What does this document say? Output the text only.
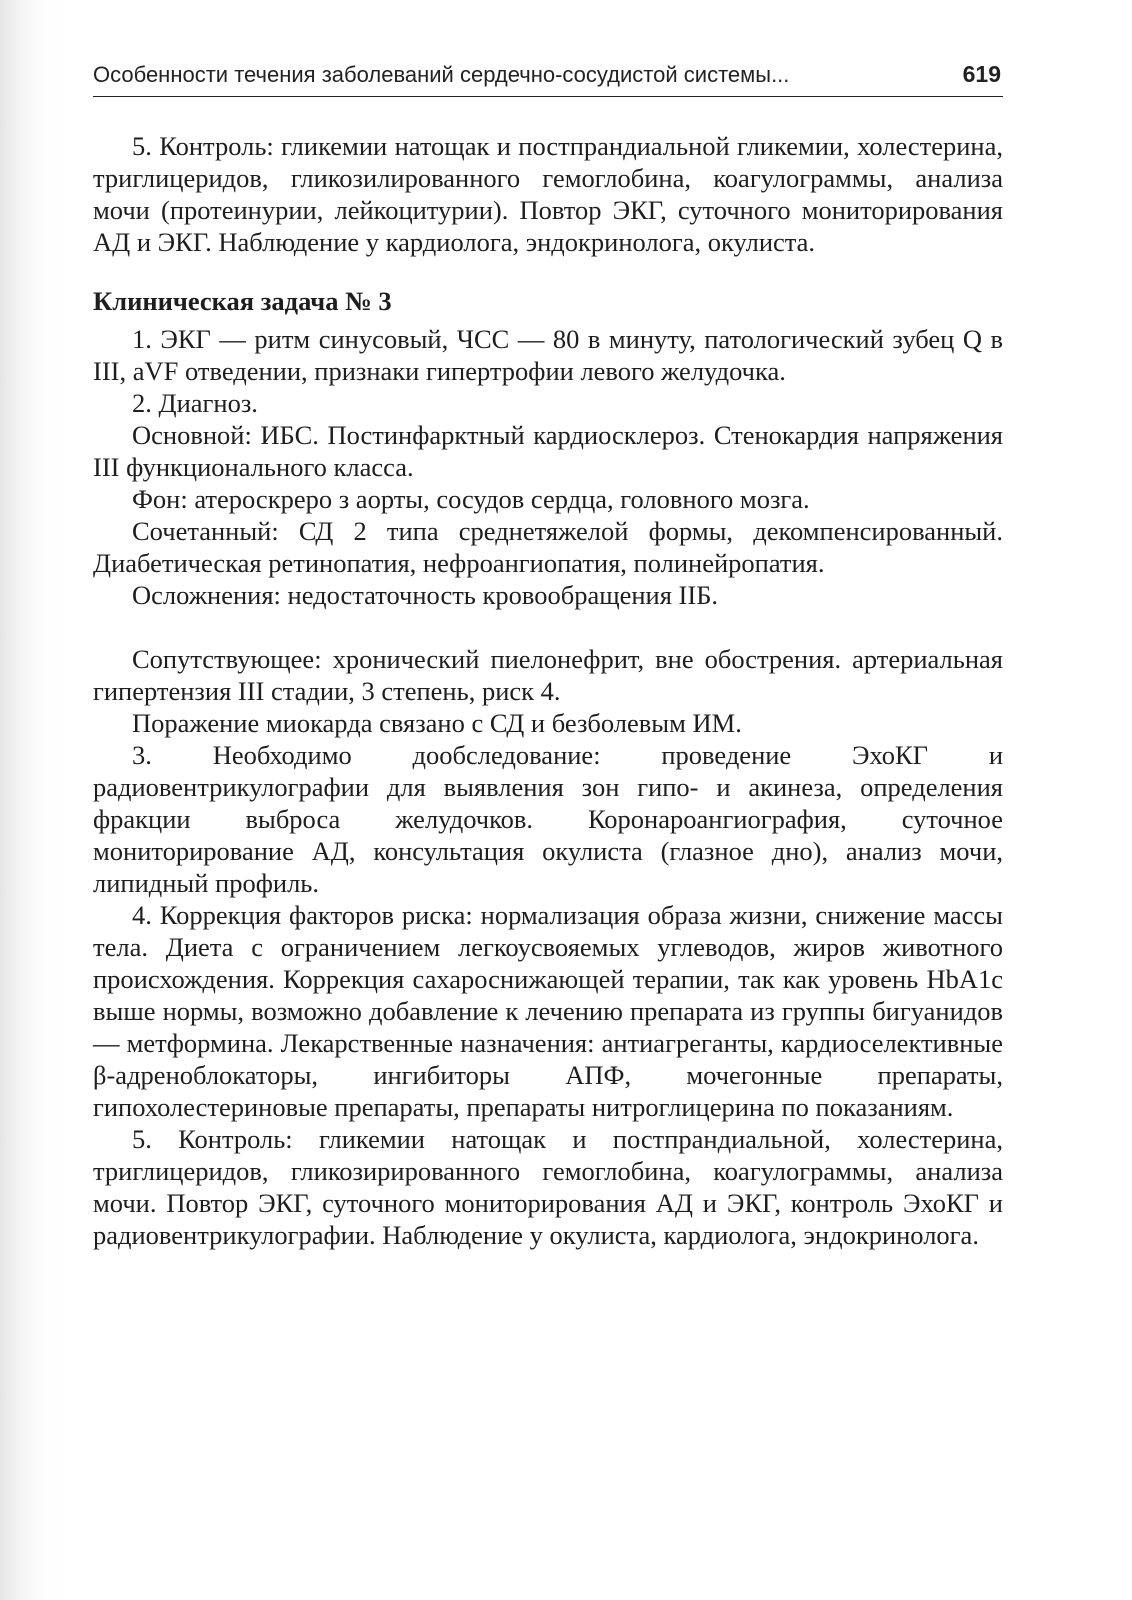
Особенности течения заболеваний сердечно-сосудистой системы...	619

5. Контроль: гликемии натощак и постпрандиальной гликемии, холестерина, триглицеридов, гликозилированного гемоглобина, коагулограммы, анализа мочи (протеинурии, лейкоцитурии). Повтор ЭКГ, суточного мониторирования АД и ЭКГ. Наблюдение у кардиолога, эндокринолога, окулиста.

Клиническая задача № 3

1. ЭКГ — ритм синусовый, ЧСС — 80 в минуту, патологический зубец Q в III, aVF отведении, признаки гипертрофии левого желудочка.

2. Диагноз.

Основной: ИБС. Постинфарктный кардиосклероз. Стенокардия напряжения III функционального класса.

Фон: атероскреро з аорты, сосудов сердца, головного мозга.

Сочетанный: СД 2 типа среднетяжелой формы, декомпенсированный. Диабетическая ретинопатия, нефроангиопатия, полинейропатия.

Осложнения: недостаточность кровообращения IIБ.

Сопутствующее: хронический пиелонефрит, вне обострения. артериальная гипертензия III стадии, 3 степень, риск 4.

Поражение миокарда связано с СД и безболевым ИМ.

3. Необходимо дообследование: проведение ЭхоКГ и радиовентрикулографии для выявления зон гипо- и акинеза, определения фракции выброса желудочков. Коронароангиография, суточное мониторирование АД, консультация окулиста (глазное дно), анализ мочи, липидный профиль.

4. Коррекция факторов риска: нормализация образа жизни, снижение массы тела. Диета с ограничением легкоусвояемых углеводов, жиров животного происхождения. Коррекция сахароснижающей терапии, так как уровень HbA1c выше нормы, возможно добавление к лечению препарата из группы бигуанидов — метформина. Лекарственные назначения: антиагреганты, кардиоселективные β-адреноблокаторы, ингибиторы АПФ, мочегонные препараты, гипохолестериновые препараты, препараты нитроглицерина по показаниям.

5. Контроль: гликемии натощак и постпрандиальной, холестерина, триглицеридов, гликозирированного гемоглобина, коагулограммы, анализа мочи. Повтор ЭКГ, суточного мониторирования АД и ЭКГ, контроль ЭхоКГ и радиовентрикулографии. Наблюдение у окулиста, кардиолога, эндокринолога.
